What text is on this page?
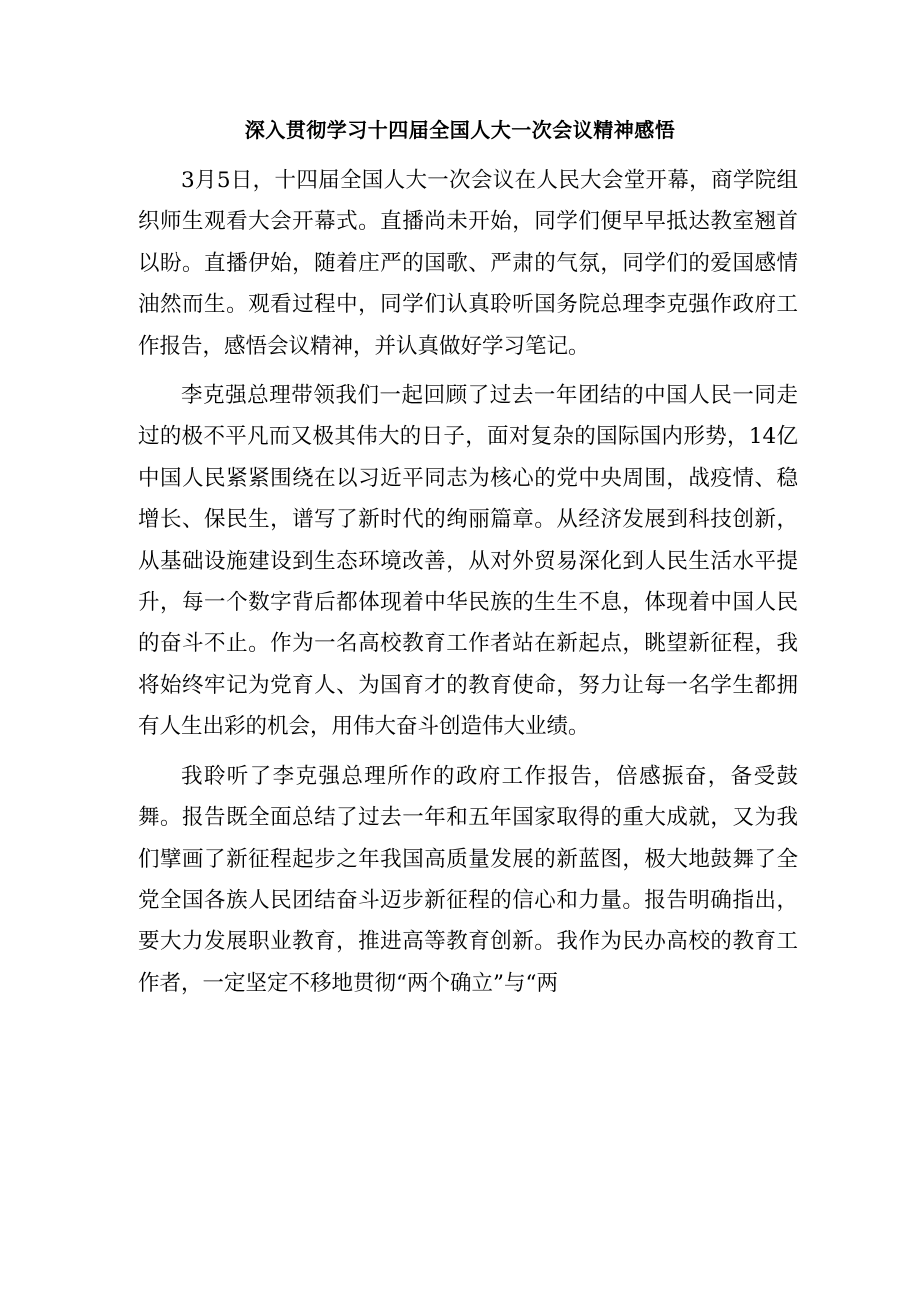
深入贯彻学习十四届全国人大一次会议精神感悟

3月5日，十四届全国人大一次会议在人民大会堂开幕，商学院组织师生观看大会开幕式。直播尚未开始，同学们便早早抵达教室翘首以盼。直播伊始，随着庄严的国歌、严肃的气氛，同学们的爱国感情油然而生。观看过程中，同学们认真聆听国务院总理李克强作政府工作报告，感悟会议精神，并认真做好学习笔记。

李克强总理带领我们一起回顾了过去一年团结的中国人民一同走过的极不平凡而又极其伟大的日子，面对复杂的国际国内形势，14亿中国人民紧紧围绕在以习近平同志为核心的党中央周围，战疫情、稳增长、保民生，谱写了新时代的绚丽篇章。从经济发展到科技创新，从基础设施建设到生态环境改善，从对外贸易深化到人民生活水平提升，每一个数字背后都体现着中华民族的生生不息，体现着中国人民的奋斗不止。作为一名高校教育工作者站在新起点，眺望新征程，我将始终牢记为党育人、为国育才的教育使命，努力让每一名学生都拥有人生出彩的机会，用伟大奋斗创造伟大业绩。

我聆听了李克强总理所作的政府工作报告，倍感振奋，备受鼓舞。报告既全面总结了过去一年和五年国家取得的重大成就，又为我们擘画了新征程起步之年我国高质量发展的新蓝图，极大地鼓舞了全党全国各族人民团结奋斗迈步新征程的信心和力量。报告明确指出，要大力发展职业教育，推进高等教育创新。我作为民办高校的教育工作者，一定坚定不移地贯彻“两个确立”与“两
